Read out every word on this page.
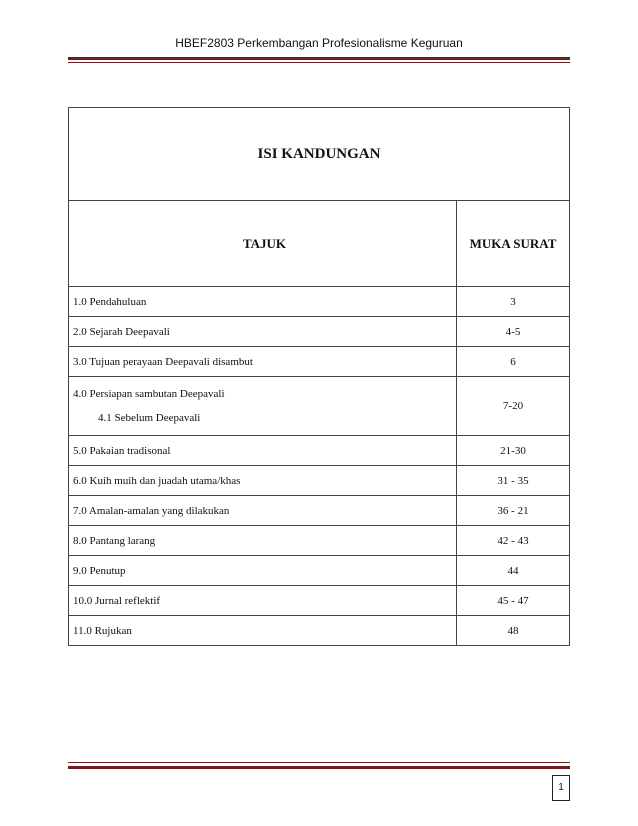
HBEF2803 Perkembangan Profesionalisme Keguruan
ISI KANDUNGAN	
TAJUK	MUKA SURAT
1.0 Pendahuluan	3
2.0 Sejarah Deepavali	4-5
3.0 Tujuan perayaan Deepavali disambut	6

4.0 Persiapan sambutan Deepavali
4.1 Sebelum Deepavali	7-20
5.0 Pakaian tradisonal	21-30
6.0 Kuih muih dan juadah utama/khas	31 - 35
7.0 Amalan-amalan yang dilakukan	36 - 21
8.0 Pantang larang	42 - 43
9.0 Penutup	44
10.0 Jurnal reflektif	45 - 47
11.0 Rujukan	48
1
